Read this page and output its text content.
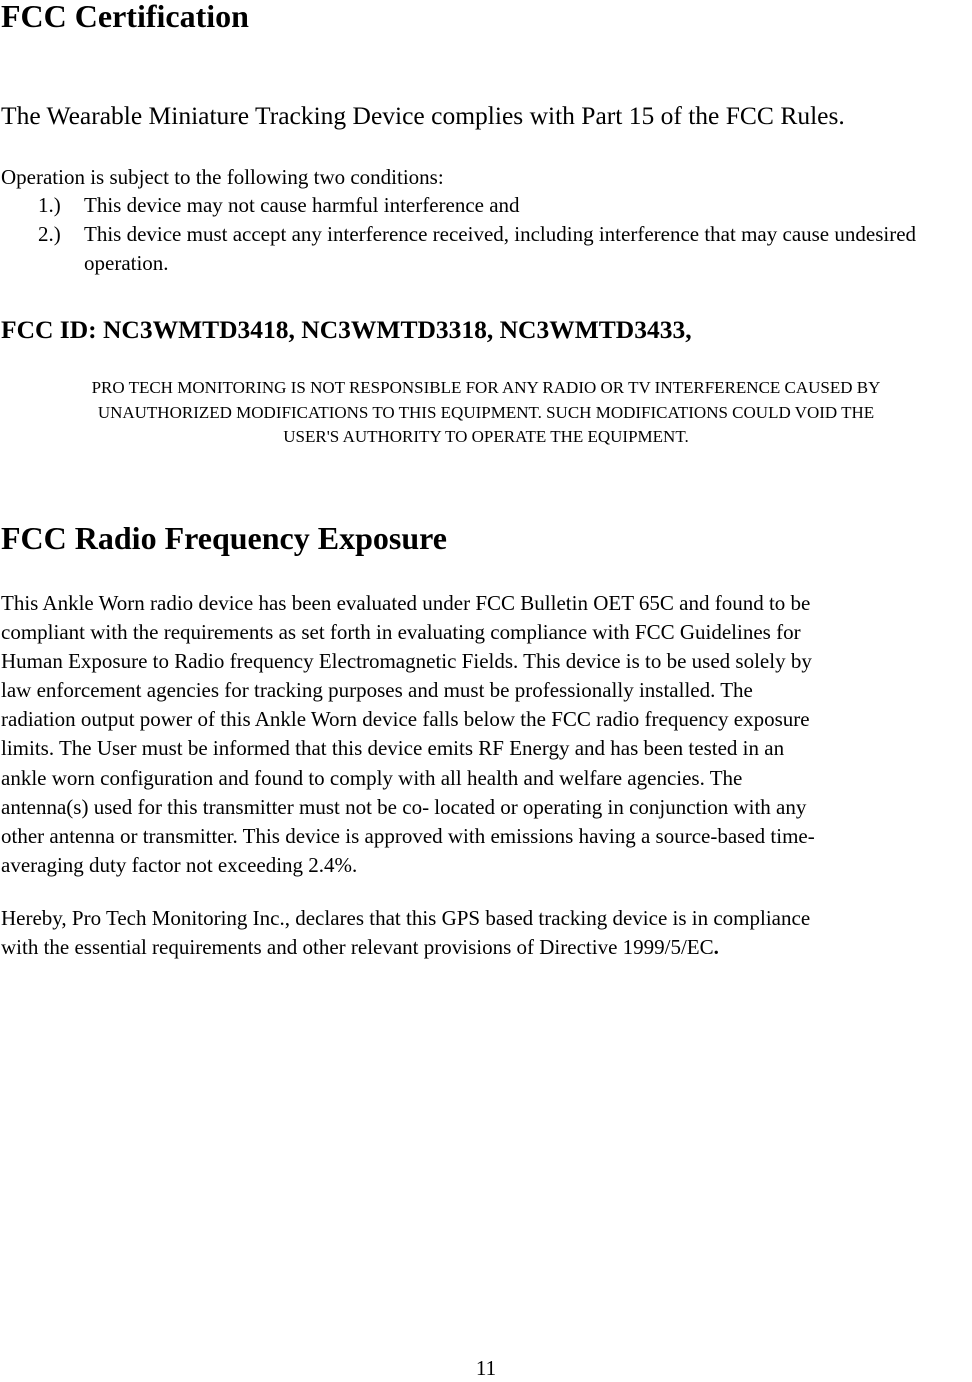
FCC Certification

The Wearable Miniature Tracking Device complies with Part 15 of the FCC Rules.

Operation is subject to the following two conditions:

1.) This device may not cause harmful interference and
2.) This device must accept any interference received, including interference that may cause undesired operation.

FCC ID: NC3WMTD3418, NC3WMTD3318, NC3WMTD3433,

PRO TECH MONITORING IS NOT RESPONSIBLE FOR ANY RADIO OR TV INTERFERENCE CAUSED BY
UNAUTHORIZED MODIFICATIONS TO THIS EQUIPMENT. SUCH MODIFICATIONS COULD VOID THE
USER'S AUTHORITY TO OPERATE THE EQUIPMENT.
FCC Radio Frequency Exposure
This Ankle Worn radio device has been evaluated under FCC Bulletin OET 65C and found to be
compliant with the requirements as set forth in evaluating compliance with FCC Guidelines for
Human Exposure to Radio frequency Electromagnetic Fields. This device is to be used solely by
law enforcement agencies for tracking purposes and must be professionally installed. The
radiation output power of this Ankle Worn device falls below the FCC radio frequency exposure
limits. The User must be informed that this device emits RF Energy and has been tested in an
ankle worn configuration and found to comply with all health and welfare agencies. The
antenna(s) used for this transmitter must not be co- located or operating in conjunction with any
other antenna or transmitter. This device is approved with emissions having a source-based time-
averaging duty factor not exceeding 2.4%.
Hereby, Pro Tech Monitoring Inc., declares that this GPS based tracking device is in compliance
with the essential requirements and other relevant provisions of Directive 1999/5/EC.
11
